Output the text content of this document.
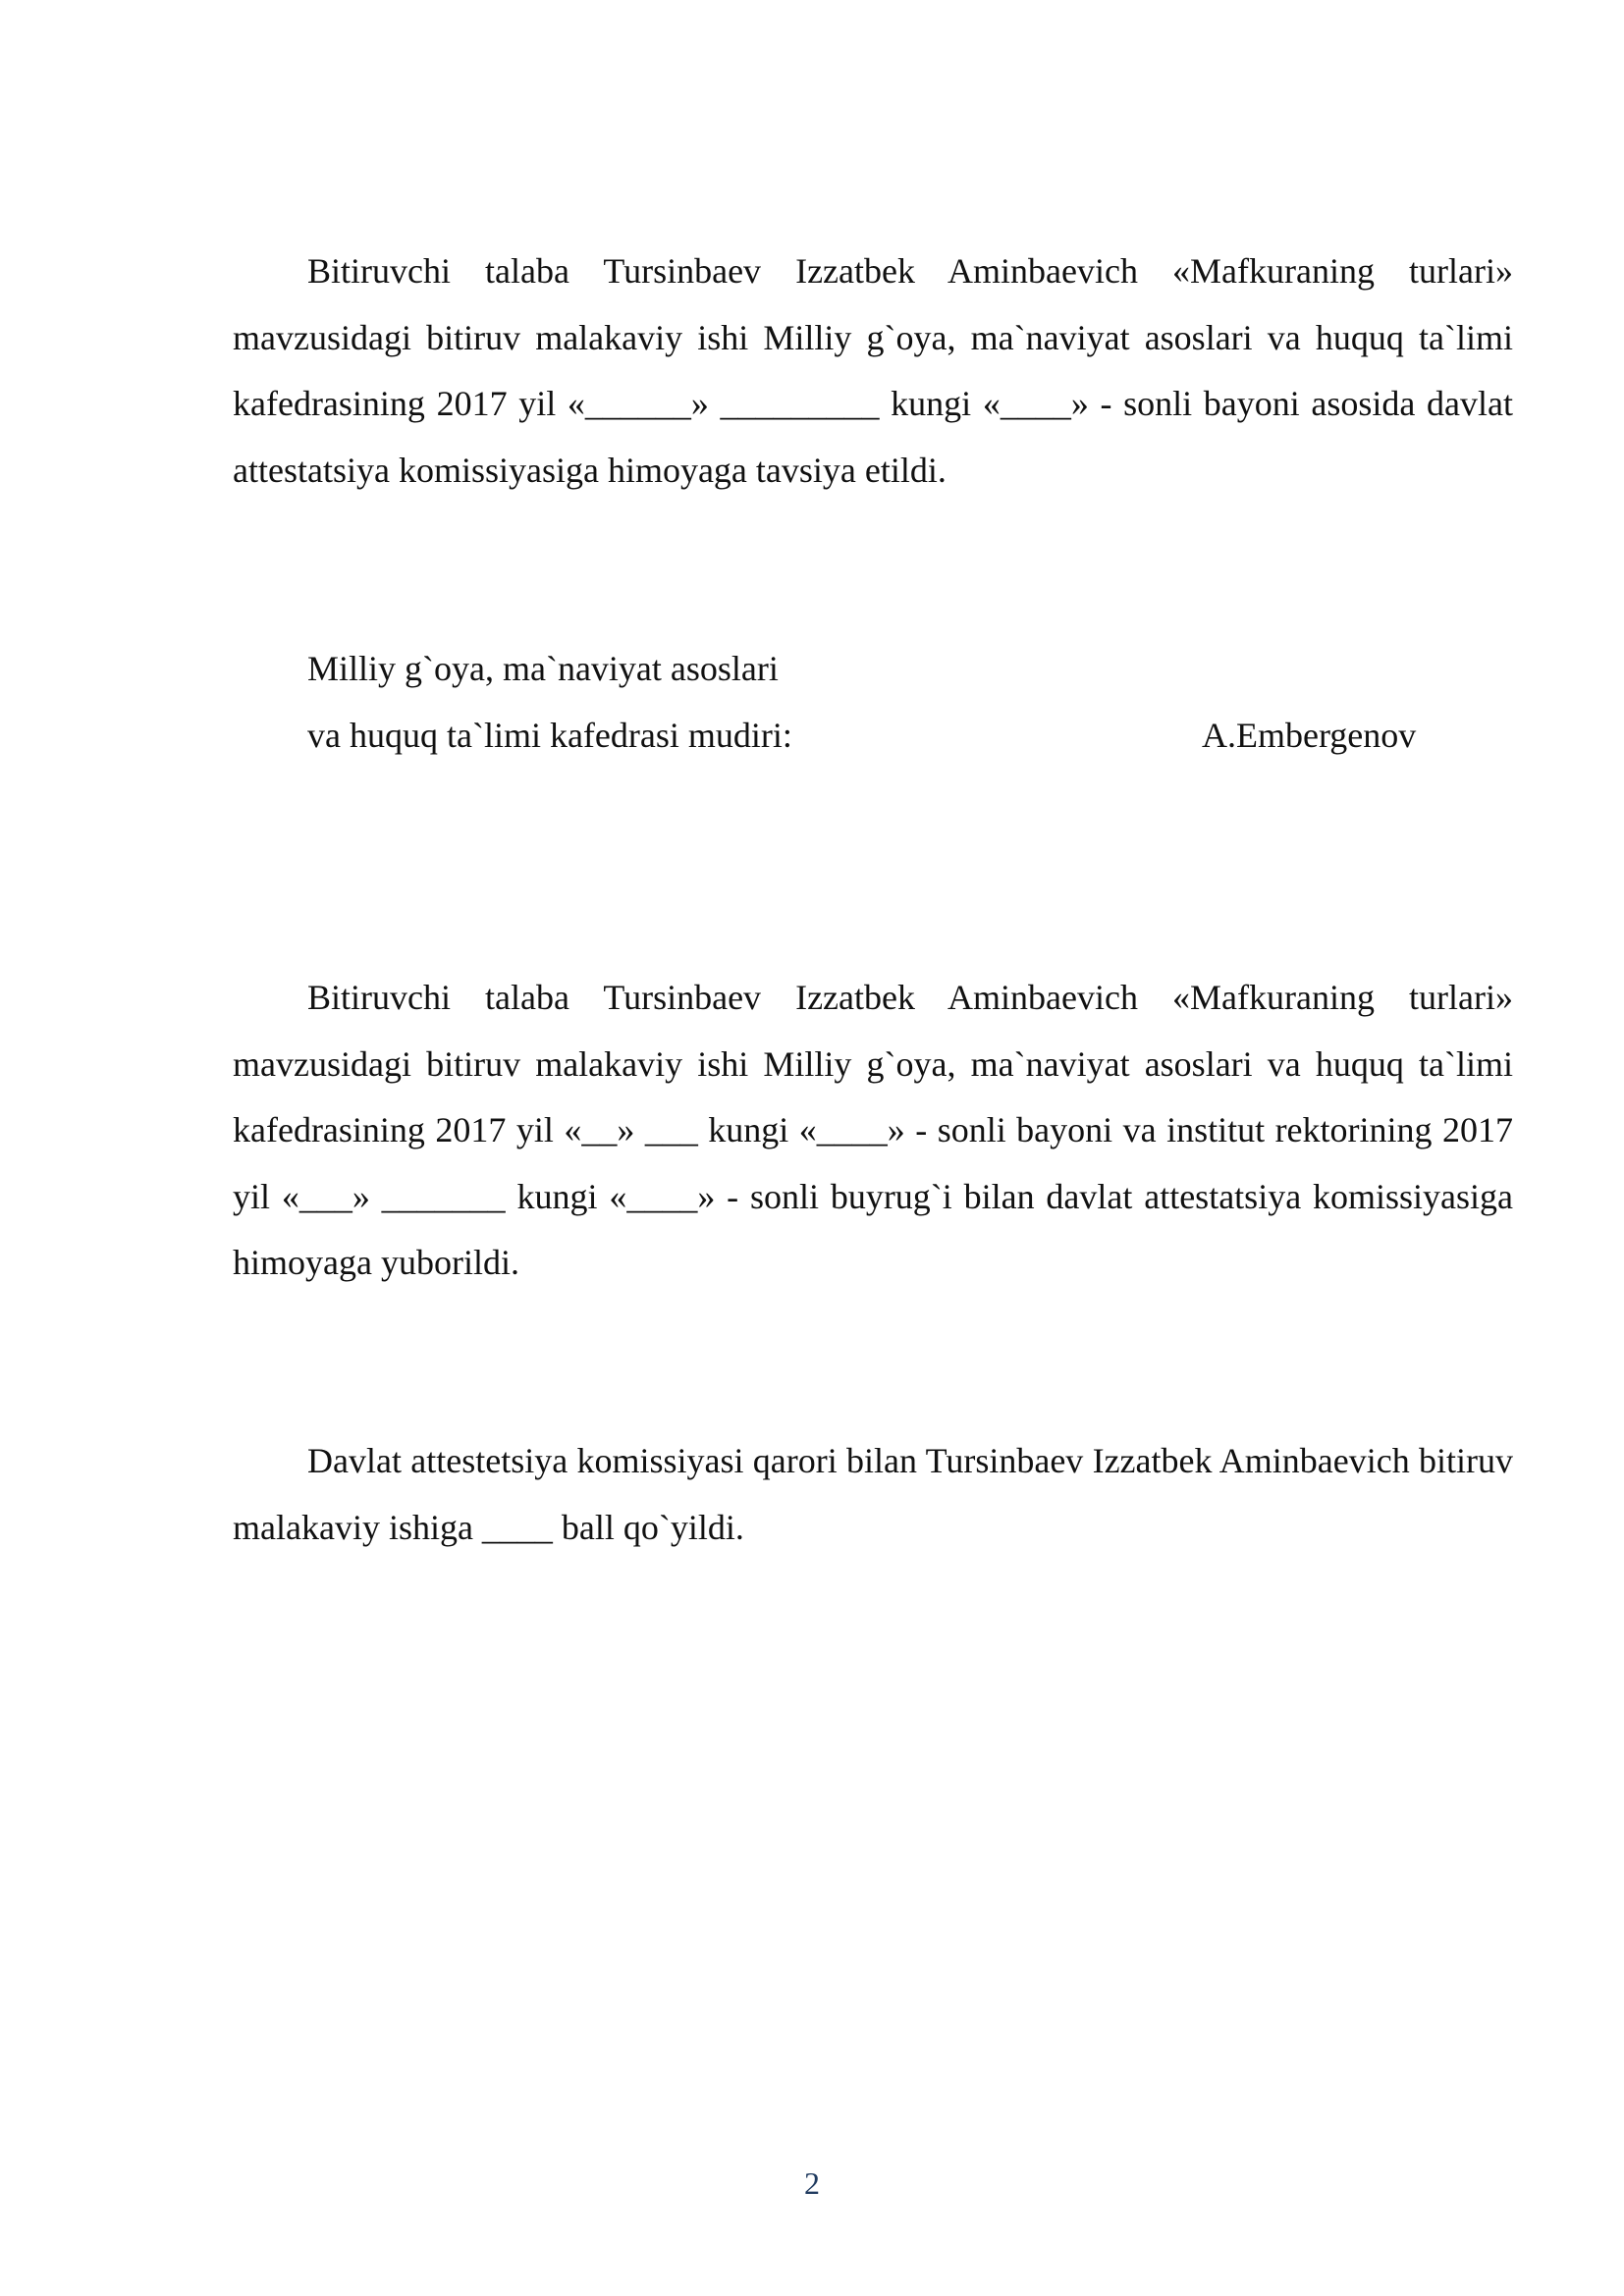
Bitiruvchi talaba Tursinbaev Izzatbek Aminbaevich «Mafkuraning turlari» mavzusidagi bitiruv malakaviy ishi Milliy g`oya, ma`naviyat asoslari va huquq ta`limi kafedrasining 2017 yil «______» _________ kungi «____» - sonli bayoni asosida davlat attestatsiya komissiyasiga himoyaga tavsiya etildi.

Milliy g`oya, ma`naviyat asoslari
va huquq ta`limi kafedrasi mudiri:	A.Embergenov

Bitiruvchi talaba Tursinbaev Izzatbek Aminbaevich «Mafkuraning turlari» mavzusidagi bitiruv malakaviy ishi Milliy g`oya, ma`naviyat asoslari va huquq ta`limi kafedrasining 2017 yil «__» ___ kungi «____» - sonli bayoni va institut rektorining 2017 yil «___» _______ kungi «____» - sonli buyrug`i bilan davlat attestatsiya komissiyasiga himoyaga yuborildi.

Davlat attestetsiya komissiyasi qarori bilan Tursinbaev Izzatbek Aminbaevich bitiruv malakaviy ishiga ____ ball qo`yildi.

2
